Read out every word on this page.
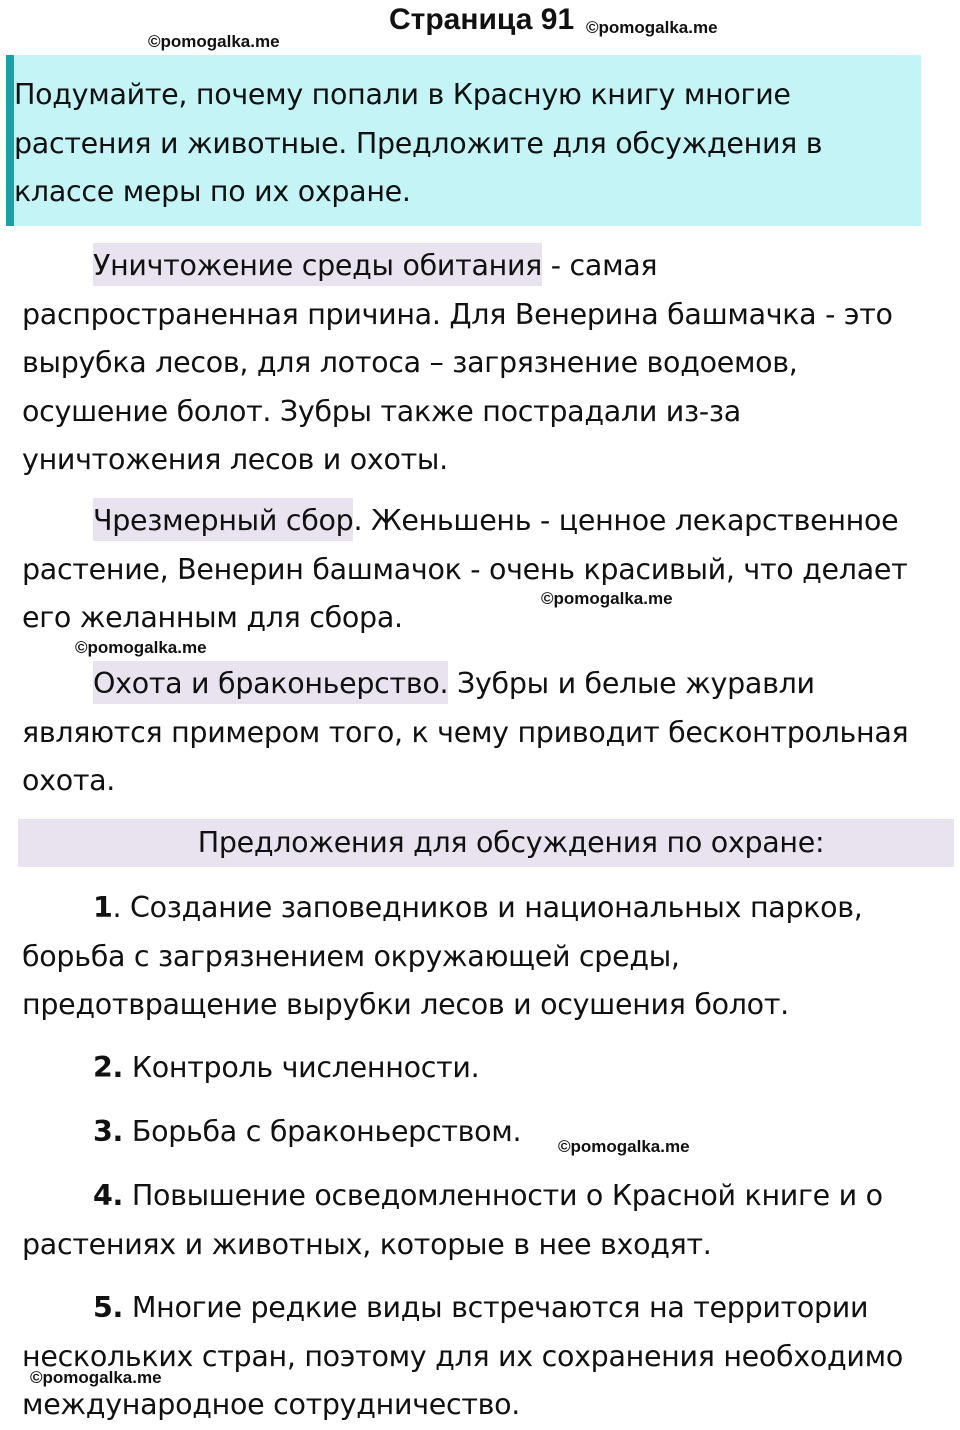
Страница 91
©pomogalka.me
©pomogalka.me
Подумайте, почему попали в Красную книгу многие растения и животные. Предложите для обсуждения в классе меры по их охране.
Уничтожение среды обитания - самая распространенная причина. Для Венерина башмачка - это вырубка лесов, для лотоса – загрязнение водоемов, осушение болот. Зубры также пострадали из-за уничтожения лесов и охоты.
Чрезмерный сбор. Женьшень - ценное лекарственное растение, Венерин башмачок - очень красивый, что делает его желанным для сбора.
©pomogalka.me
©pomogalka.me
Охота и браконьерство. Зубры и белые журавли являются примером того, к чему приводит бесконтрольная охота.
Предложения для обсуждения по охране:
1. Создание заповедников и национальных парков, борьба с загрязнением окружающей среды, предотвращение вырубки лесов и осушения болот.
2. Контроль численности.
3. Борьба с браконьерством.	©pomogalka.me
4. Повышение осведомленности о Красной книге и о растениях и животных, которые в нее входят.
5. Многие редкие виды встречаются на территории нескольких стран, поэтому для их сохранения необходимо международное сотрудничество.
©pomogalka.me
